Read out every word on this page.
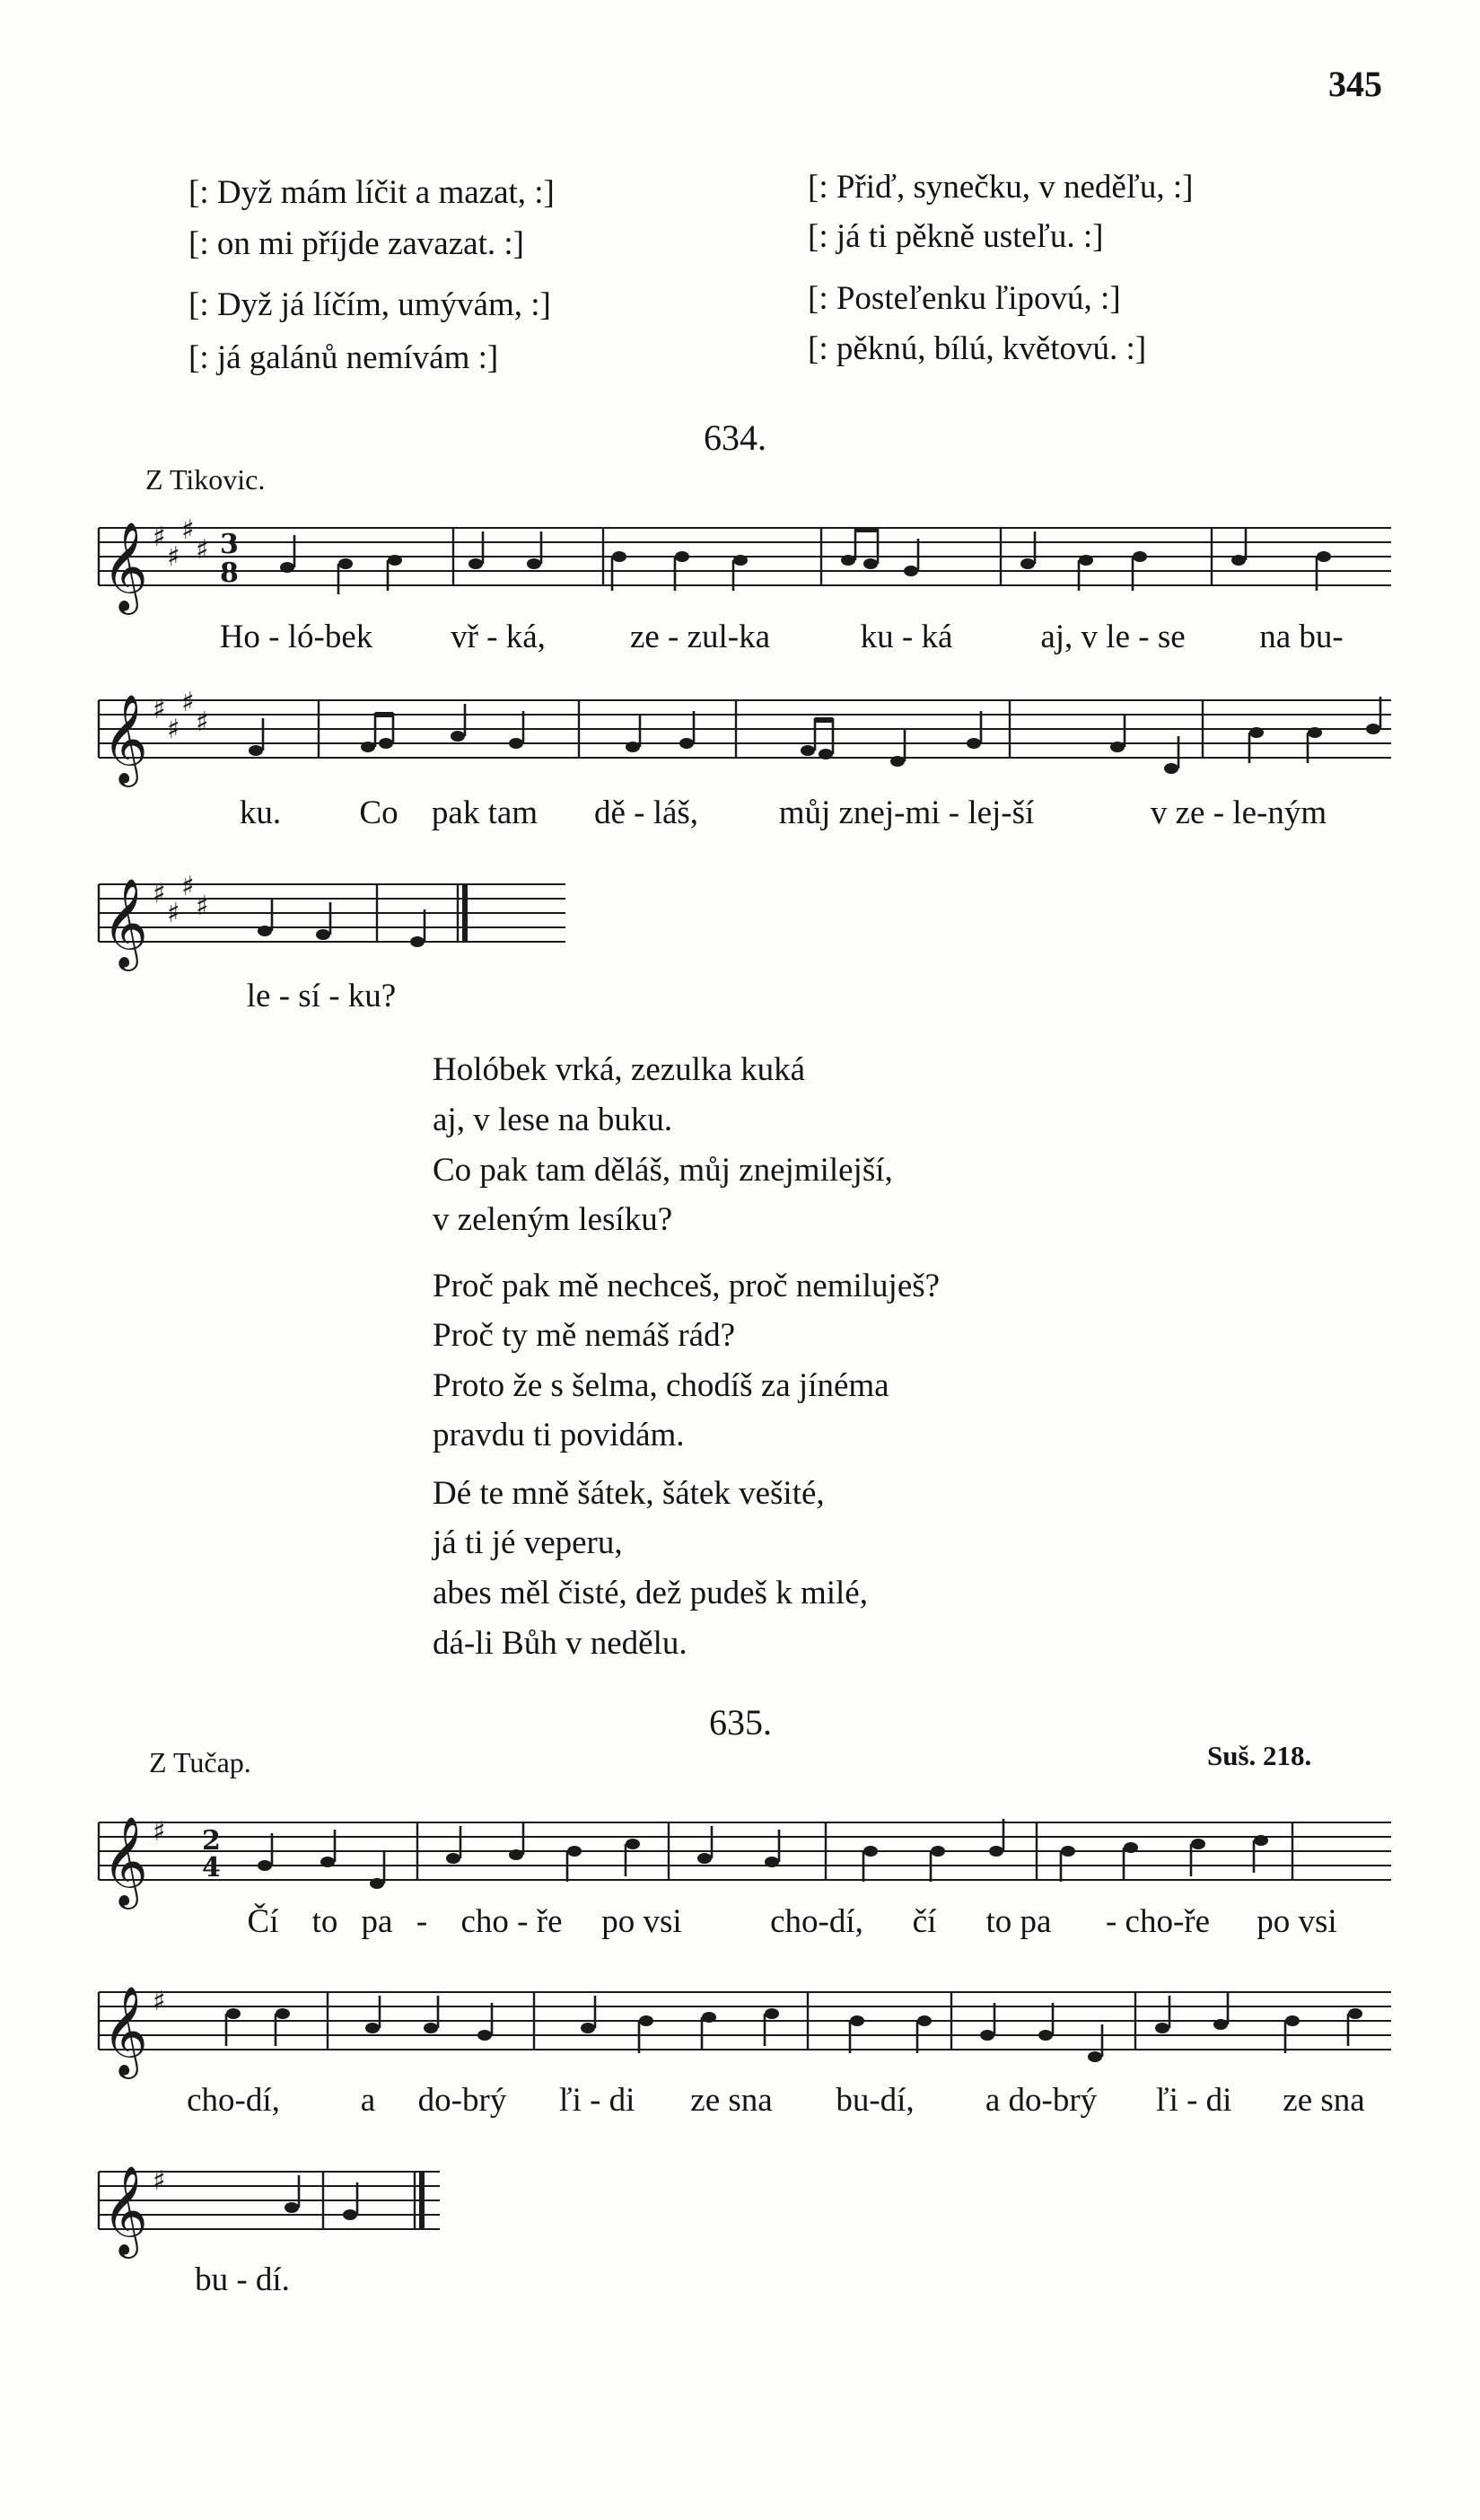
345
[: Dyž mám líčit a mazat, :]
[: on mi příjde zavazat. :]
[: Dyž já líčím, umývám, :]
[: já galánů nemívám :]
[: Přiď, synečku, v neděľu, :]
[: já ti pěkně usteľu. :]
[: Posteľenku ľipovú, :]
[: pěknú, bílú, květovú. :]
634.
Z Tikovic.
𝄞 ♯
♯
♯
♯ 3
8
Ho - ló-bek vř - ká,	ze - zul-ka	ku - ká	aj, v le - se na bu-
𝄞 ♯
♯
♯
♯
ku. Co pak tam dě - láš, můj znej-mi - lej-ší	v ze - le-ným
𝄞 ♯
♯
♯
♯
le - sí - ku?
Holóbek vrká, zezulka kuká
aj, v lese na buku.
Co pak tam děláš, můj znejmilejší,
v zeleným lesíku?
Proč pak mě nechceš, proč nemiluješ?
Proč ty mě nemáš rád?
Proto že s šelma, chodíš za jínéma
pravdu ti povidám.
Dé te mně šátek, šátek vešité,
já ti jé veperu,
abes měl čisté, dež pudeš k milé,
dá-li Bůh v nedělu.
635.
Z Tučap.	Suš. 218.
𝄞 ♯ 2
4
Čí to pa - cho - ře po vsi	cho-dí, čí to pa - cho-ře po vsi
𝄞 ♯
cho-dí, a do-brý ľi - di ze sna bu-dí, a do-brý ľi - di ze sna
𝄞 ♯
bu - dí.
